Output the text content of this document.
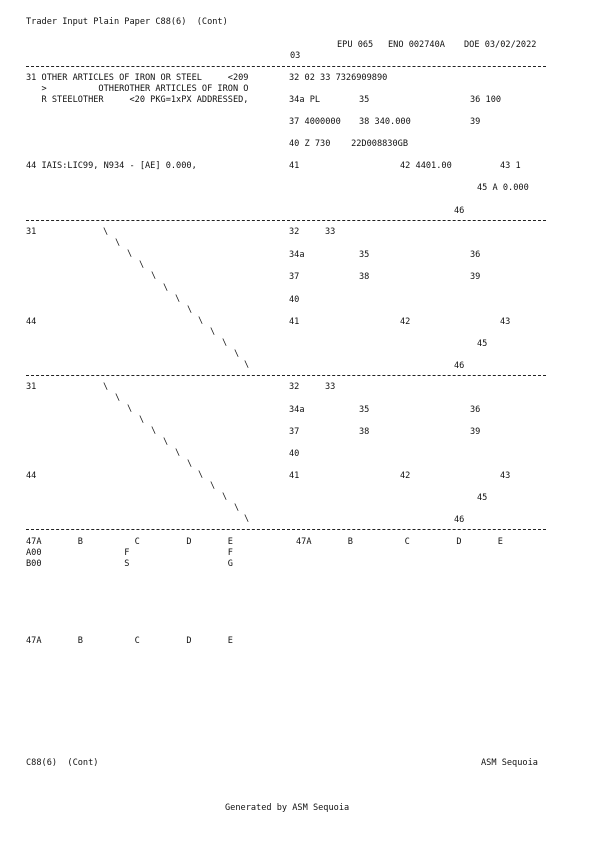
Trader Input Plain Paper C88(6)  (Cont)
EPU 065 ENO 002740A DOE 03/02/2022
03
31 OTHER ARTICLES OF IRON OR STEEL     <209
>          OTHEROTHER ARTICLES OF IRON O
R STEELOTHER     <20 PKG=1xPX ADDRESSED,
32 02 33 7326909890
34a PL	35	36 100
37 4000000 38 340.000	39
40 Z 730    22D008830GB
44 IAIS:LIC99, N934 - [AE] 0.000,	41	42 4401.00	43 1
45 A 0.000
46
31	32	33
34a	35	36
37	38	39
40
44	41	42	43
45
46
\
\
\
\
\
\
\
\
\
\
\
\
\
31	32	33
34a	35	36
37	38	39
40
44	41	42	43
45
46
\
\
\
\
\
\
\
\
\
\
\
\
\
47A       B          C         D       E	47A       B          C         D       E
A00                F                   F
B00                S                   G
47A       B          C         D       E
C88(6)  (Cont)	ASM Sequoia
Generated by ASM Sequoia
